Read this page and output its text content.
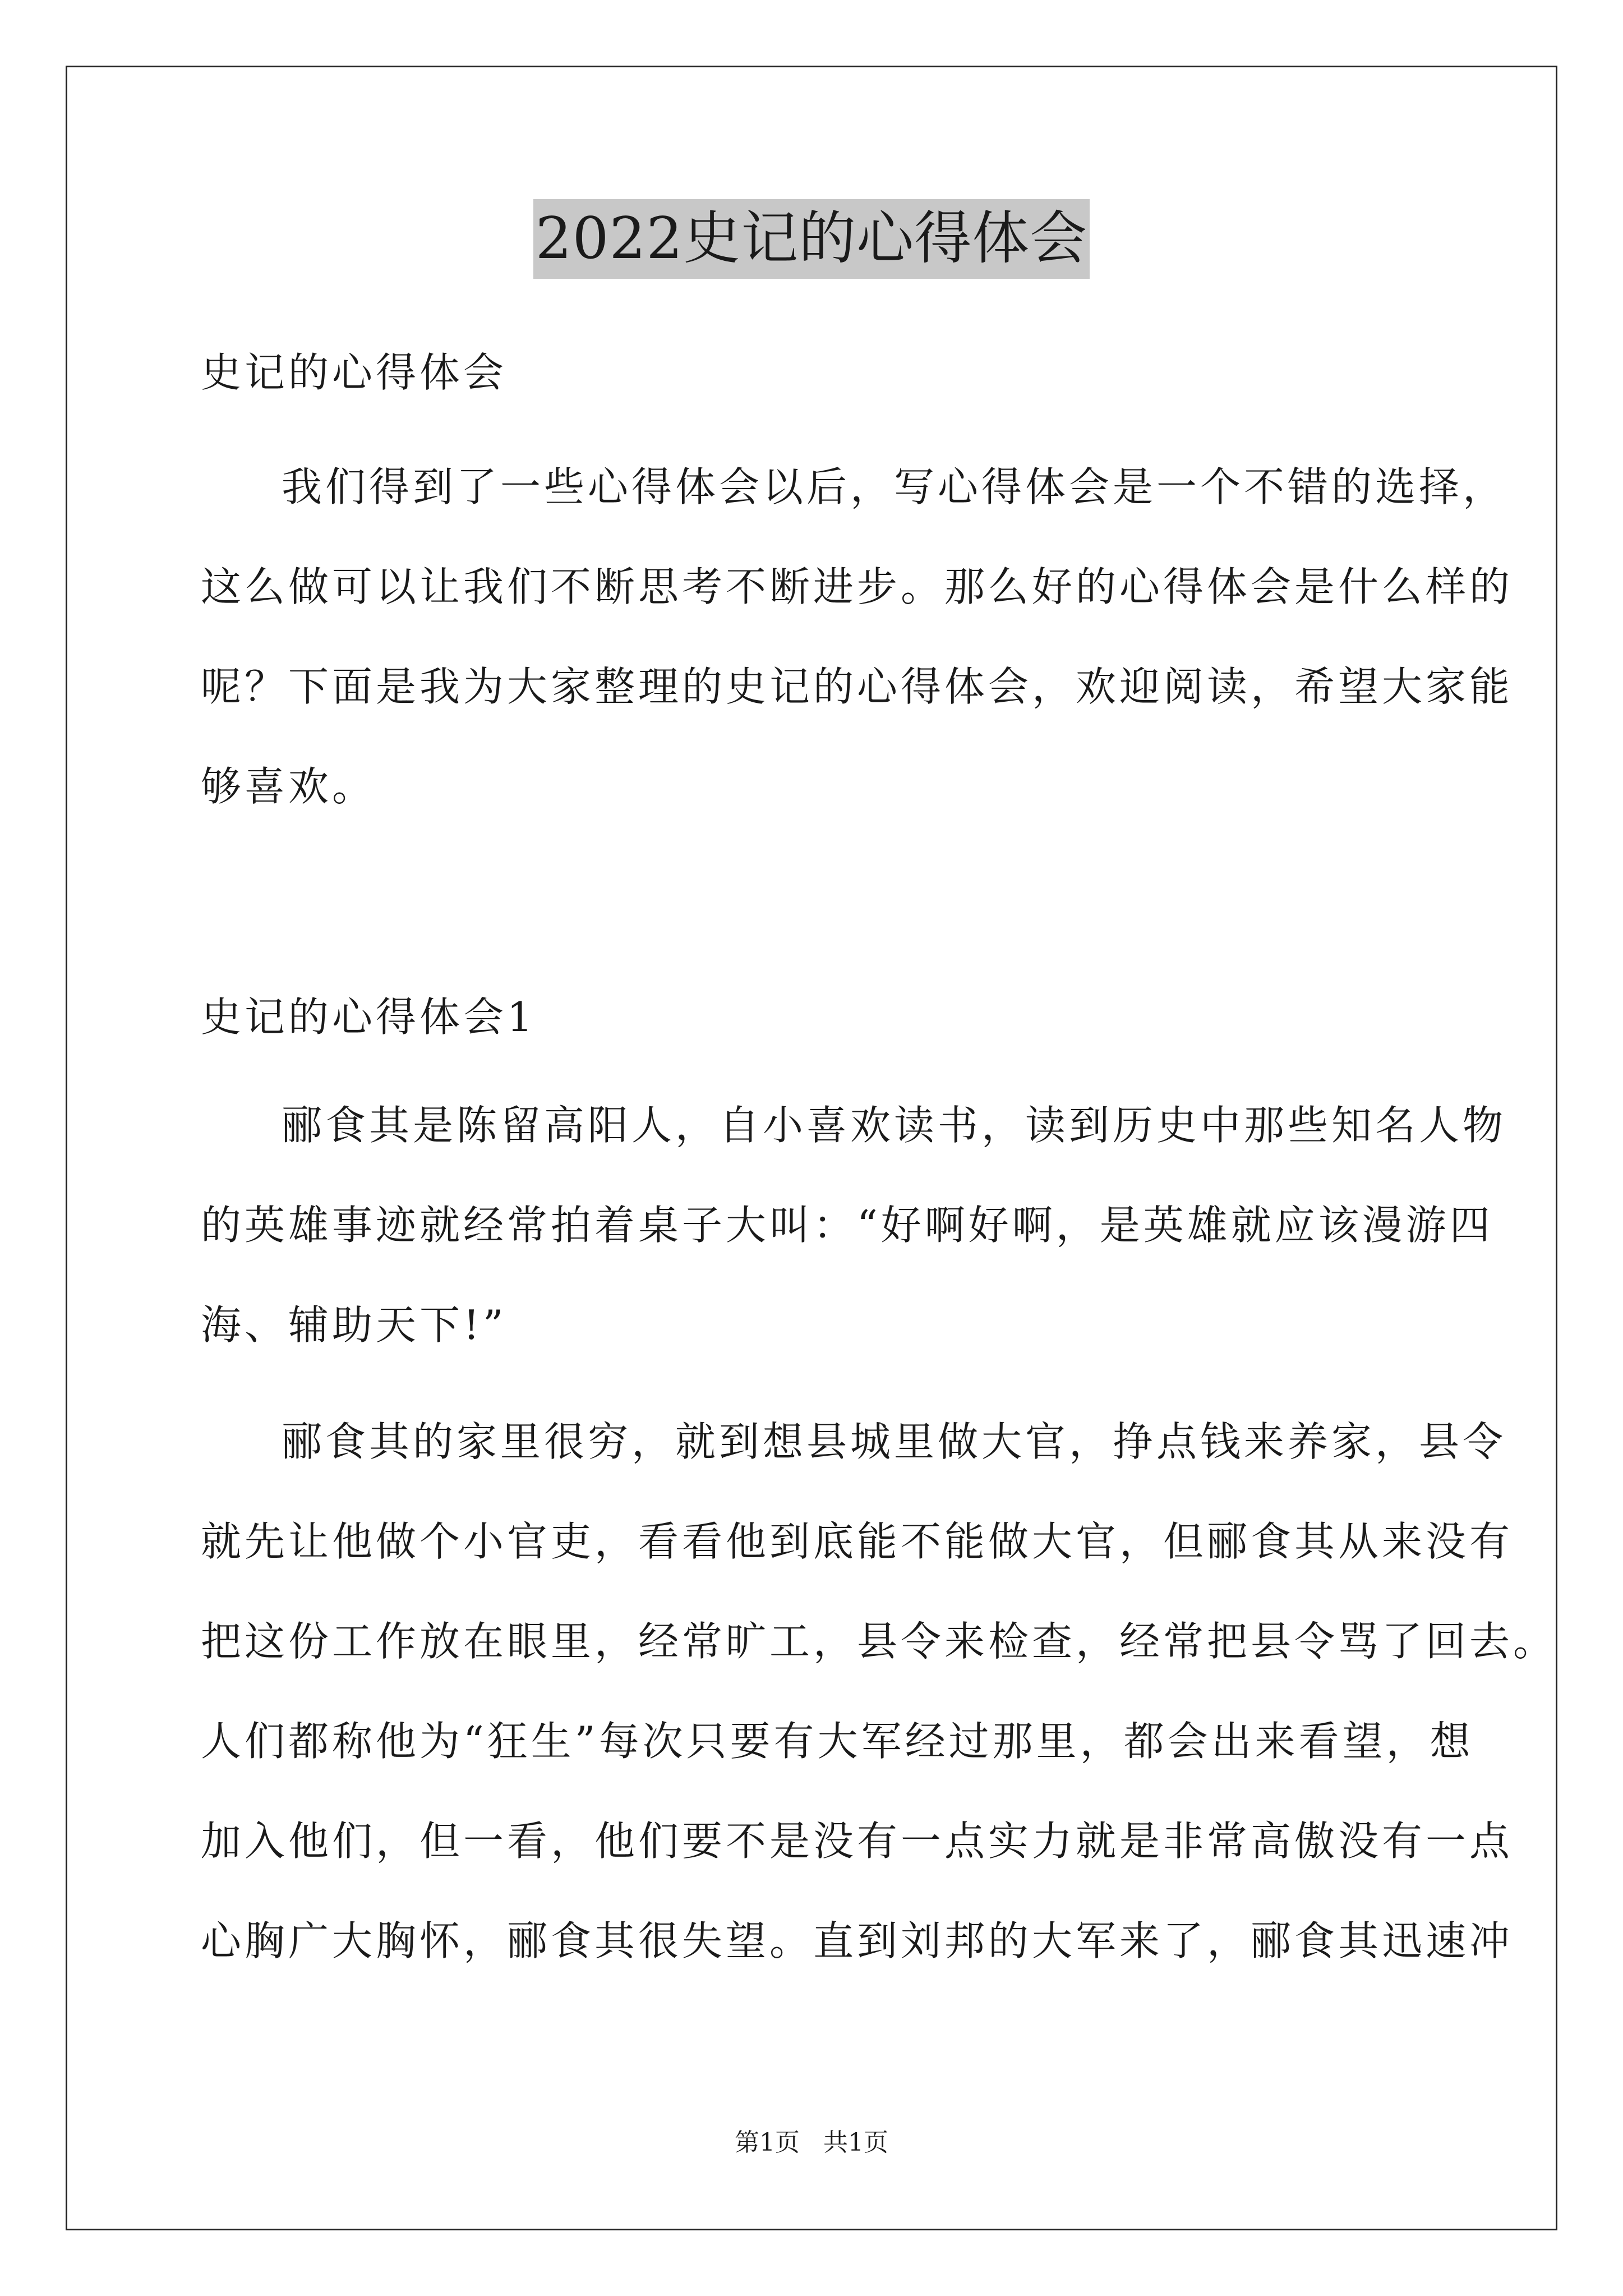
2022史记的心得体会
史记的心得体会
我们得到了一些心得体会以后，写心得体会是一个不错的选择，
这么做可以让我们不断思考不断进步。那么好的心得体会是什么样的
呢？下面是我为大家整理的史记的心得体会，欢迎阅读，希望大家能
够喜欢。
史记的心得体会1
郦食其是陈留高阳人，自小喜欢读书，读到历史中那些知名人物
的英雄事迹就经常拍着桌子大叫：“好啊好啊，是英雄就应该漫游四
海、辅助天下!”
郦食其的家里很穷，就到想县城里做大官，挣点钱来养家，县令
就先让他做个小官吏，看看他到底能不能做大官，但郦食其从来没有
把这份工作放在眼里，经常旷工，县令来检查，经常把县令骂了回去。
人们都称他为“狂生”每次只要有大军经过那里，都会出来看望，想
加入他们，但一看，他们要不是没有一点实力就是非常高傲没有一点
心胸广大胸怀，郦食其很失望。直到刘邦的大军来了，郦食其迅速冲
第1页   共1页
